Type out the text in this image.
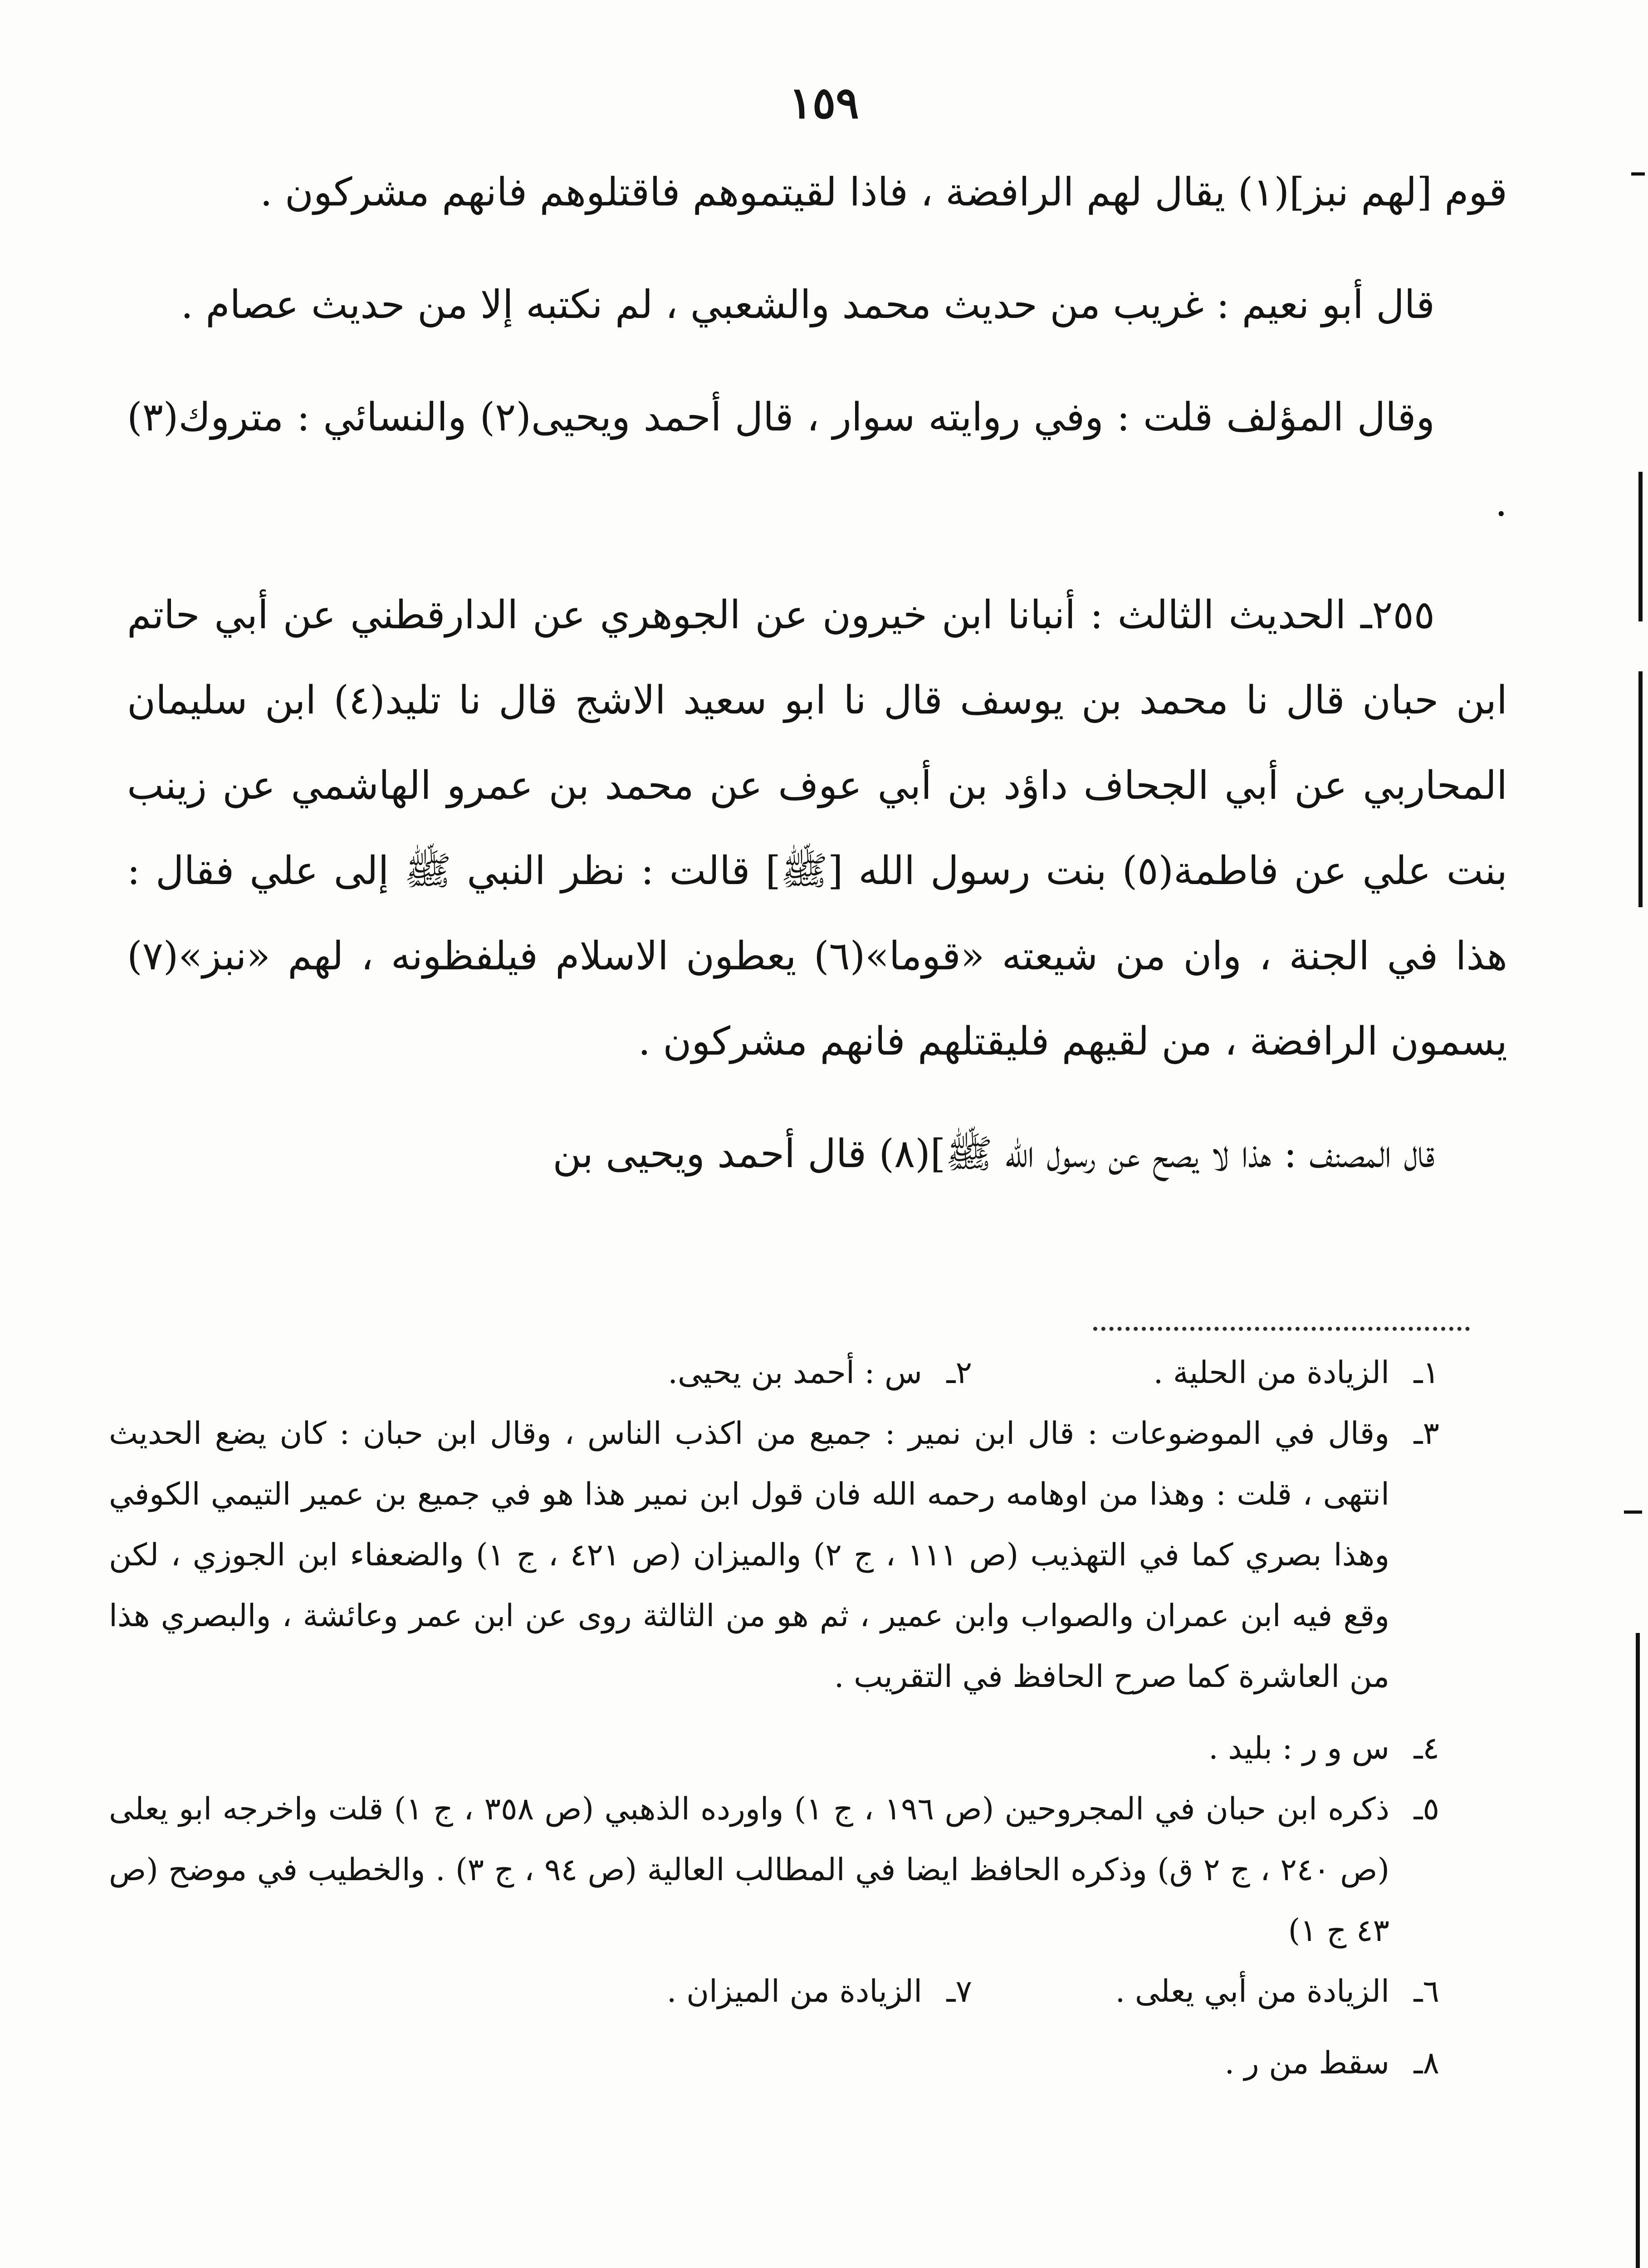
١٥٩

قوم [لهم نبز](١) يقال لهم الرافضة ، فاذا لقيتموهم فاقتلوهم فانهم مشركون .

قال أبو نعيم : غريب من حديث محمد والشعبي ، لم نكتبه إلا من حديث عصام .

وقال المؤلف قلت : وفي روايته سوار ، قال أحمد ويحيى(٢) والنسائي : متروك(٣) .

٢٥٥ـ الحديث الثالث : أنبانا ابن خيرون عن الجوهري عن الدارقطني عن أبي حاتم ابن حبان قال نا محمد بن يوسف قال نا ابو سعيد الاشج قال نا تليد(٤) ابن سليمان المحاربي عن أبي الجحاف داؤد بن أبي عوف عن محمد بن عمرو الهاشمي عن زينب بنت علي عن فاطمة(٥) بنت رسول الله [ﷺ] قالت : نظر النبي ﷺ إلى علي فقال : هذا في الجنة ، وان من شيعته «قوما»(٦) يعطون الاسلام فيلفظونه ، لهم «نبز»(٧) يسمون الرافضة ، من لقيهم فليقتلهم فانهم مشركون .

قال المصنف : هذا لا يصح عن رسول الله ﷺ](٨) قال أحمد ويحيى بن

١ـ
الزيادة من الحلية .
٢ـ
س : أحمد بن يحيى.
٣ـ
وقال في الموضوعات : قال ابن نمير : جميع من اكذب الناس ، وقال ابن حبان : كان يضع الحديث انتهى ، قلت : وهذا من اوهامه رحمه الله فان قول ابن نمير هذا هو في جميع بن عمير التيمي الكوفي وهذا بصري كما في التهذيب (ص ١١١ ، ج ٢) والميزان (ص ٤٢١ ، ج ١) والضعفاء ابن الجوزي ، لكن وقع فيه ابن عمران والصواب وابن عمير ، ثم هو من الثالثة روى عن ابن عمر وعائشة ، والبصري هذا من العاشرة كما صرح الحافظ في التقريب .
٤ـ
س و ر : بليد .
٥ـ
ذكره ابن حبان في المجروحين (ص ١٩٦ ، ج ١) واورده الذهبي (ص ٣٥٨ ، ج ١) قلت واخرجه ابو يعلى (ص ٢٤٠ ، ج ٢ ق) وذكره الحافظ ايضا في المطالب العالية (ص ٩٤ ، ج ٣) . والخطيب في موضح (ص ٤٣ ج ١)
٦ـ
الزيادة من أبي يعلى .
٧ـ
الزيادة من الميزان .
٨ـ
سقط من ر .
